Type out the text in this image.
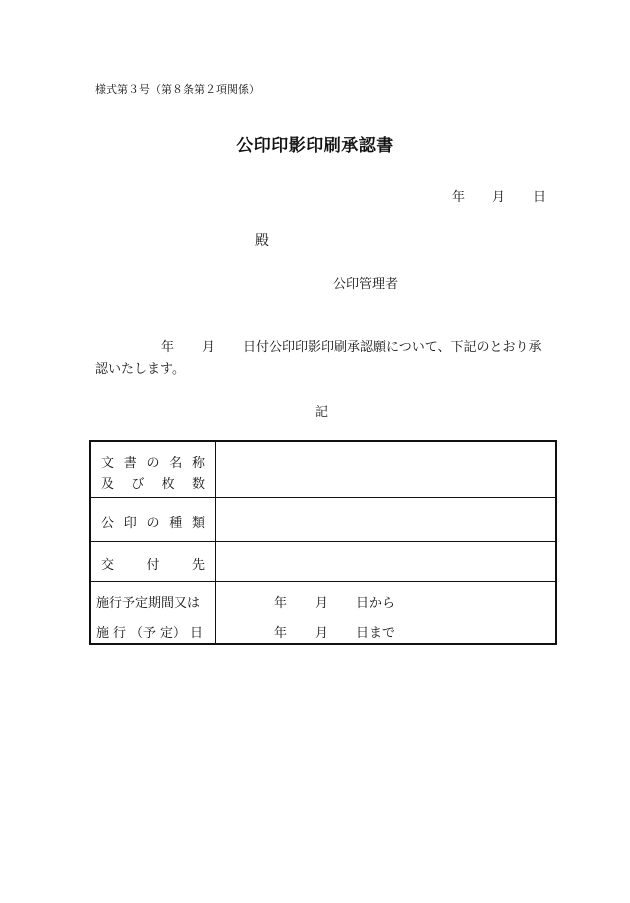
様式第３号（第８条第２項関係）
公印印影印刷承認書
年 月 日
殿
公印管理者
年 月 日付公印印影印刷承認願について、下記のとおり承
認いたします。
記
文 書 の 名 称
及 び 枚 数
公 印 の 種 類
交 付 先
施行予定期間又は
施 行 （予 定） 日
年 月 日から
年 月 日まで
